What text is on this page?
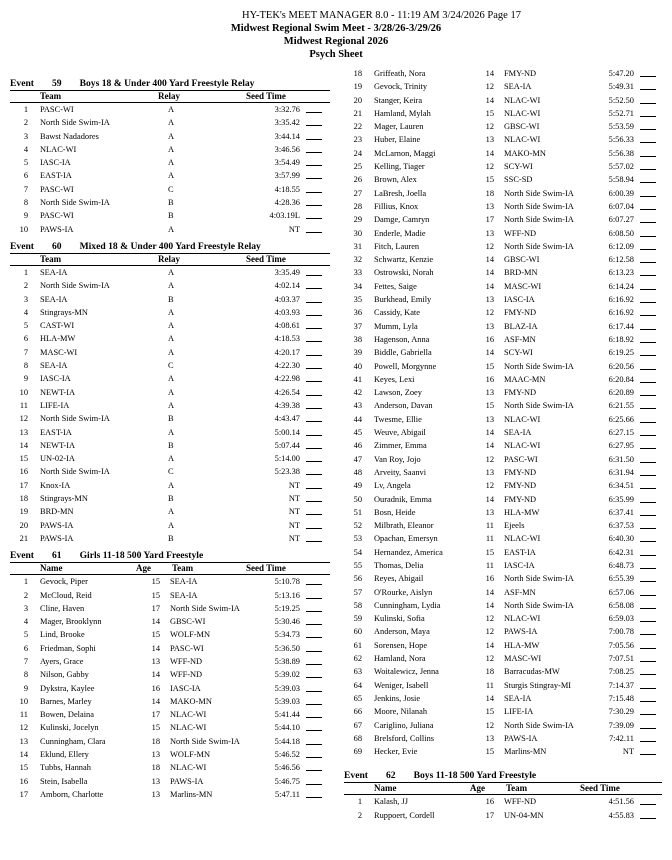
HY-TEK's MEET MANAGER 8.0 - 11:19 AM 3/24/2026 Page 17
Midwest Regional Swim Meet - 3/28/26-3/29/26
Midwest Regional 2026
Psych Sheet
Event 59 Boys 18 & Under 400 Yard Freestyle Relay
Team	Relay	Seed Time
1 PASC-WI	A	3:32.76
2 North Side Swim-IA	A	3:35.42
3 Bawst Nadadores	A	3:44.14
4 NLAC-WI	A	3:46.56
5 IASC-IA	A	3:54.49
6 EAST-IA	A	3:57.99
7 PASC-WI	C	4:18.55
8 North Side Swim-IA	B	4:28.36
9 PASC-WI	B	4:03.19L
10 PAWS-IA	A	NT
Event 60 Mixed 18 & Under 400 Yard Freestyle Relay
Team	Relay	Seed Time
1 SEA-IA	A	3:35.49
2 North Side Swim-IA	A	4:02.14
3 SEA-IA	B	4:03.37
4 Stingrays-MN	A	4:03.93
5 CAST-WI	A	4:08.61
6 HLA-MW	A	4:18.53
7 MASC-WI	A	4:20.17
8 SEA-IA	C	4:22.30
9 IASC-IA	A	4:22.98
10 NEWT-IA	A	4:26.54
11 LIFE-IA	A	4:39.38
12 North Side Swim-IA	B	4:43.47
13 EAST-IA	A	5:00.14
14 NEWT-IA	B	5:07.44
15 UN-02-IA	A	5:14.00
16 North Side Swim-IA	C	5:23.38
17 Knox-IA	A	NT
18 Stingrays-MN	B	NT
19 BRD-MN	A	NT
20 PAWS-IA	A	NT
21 PAWS-IA	B	NT
Event 61 Girls 11-18 500 Yard Freestyle
Name	Age Team	Seed Time
1 Gevock, Piper	15 SEA-IA	5:10.78
2 McCloud, Reid	15 SEA-IA	5:13.16
3 Cline, Haven	17 North Side Swim-IA	5:19.25
4 Mager, Brooklynn	14 GBSC-WI	5:30.46
5 Lind, Brooke	15 WOLF-MN	5:34.73
6 Friedman, Sophi	14 PASC-WI	5:36.50
7 Ayers, Grace	13 WFF-ND	5:38.89
8 Nilson, Gabby	14 WFF-ND	5:39.02
9 Dykstra, Kaylee	16 IASC-IA	5:39.03
10 Barnes, Marley	14 MAKO-MN	5:39.03
11 Bowen, Delaina	17 NLAC-WI	5:41.44
12 Kulinski, Jocelyn	15 NLAC-WI	5:44.10
13 Cunningham, Clara	18 North Side Swim-IA	5:44.18
14 Eklund, Ellery	13 WOLF-MN	5:46.52
15 Tubbs, Hannah	18 NLAC-WI	5:46.56
16 Stein, Isabella	13 PAWS-IA	5:46.75
17 Amborn, Charlotte	13 Marlins-MN	5:47.11
18 Griffeath, Nora	14 FMY-ND	5:47.20
19 Gevock, Trinity	12 SEA-IA	5:49.31
20 Stanger, Keira	14 NLAC-WI	5:52.50
21 Hamland, Mylah	15 NLAC-WI	5:52.71
22 Mager, Lauren	12 GBSC-WI	5:53.59
23 Huber, Elaine	13 NLAC-WI	5:56.33
24 McLarnon, Maggi	14 MAKO-MN	5:56.38
25 Kelling, Tiager	12 SCY-WI	5:57.02
26 Brown, Alex	15 SSC-SD	5:58.94
27 LaBresh, Joella	18 North Side Swim-IA	6:00.39
28 Fillius, Knox	13 North Side Swim-IA	6:07.04
29 Damge, Camryn	17 North Side Swim-IA	6:07.27
30 Enderle, Madie	13 WFF-ND	6:08.50
31 Fitch, Lauren	12 North Side Swim-IA	6:12.09
32 Schwartz, Kenzie	14 GBSC-WI	6:12.58
33 Ostrowski, Norah	14 BRD-MN	6:13.23
34 Fettes, Saige	14 MASC-WI	6:14.24
35 Burkhead, Emily	13 IASC-IA	6:16.92
36 Cassidy, Kate	12 FMY-ND	6:16.92
37 Mumm, Lyla	13 BLAZ-IA	6:17.44
38 Hagenson, Anna	16 ASF-MN	6:18.92
39 Biddle, Gabriella	14 SCY-WI	6:19.25
40 Powell, Morgynne	15 North Side Swim-IA	6:20.56
41 Keyes, Lexi	16 MAAC-MN	6:20.84
42 Lawson, Zoey	13 FMY-ND	6:20.89
43 Anderson, Davan	15 North Side Swim-IA	6:21.55
44 Twesme, Ellie	13 NLAC-WI	6:25.66
45 Weuve, Abigail	14 SEA-IA	6:27.15
46 Zimmer, Emma	14 NLAC-WI	6:27.95
47 Van Roy, Jojo	12 PASC-WI	6:31.50
48 Arveity, Saanvi	13 FMY-ND	6:31.94
49 Lv, Angela	12 FMY-ND	6:34.51
50 Ouradnik, Emma	14 FMY-ND	6:35.99
51 Bosn, Heide	13 HLA-MW	6:37.41
52 Milbrath, Eleanor	11 Ejeels	6:37.53
53 Opachan, Emersyn	11 NLAC-WI	6:40.30
54 Hernandez, America	15 EAST-IA	6:42.31
55 Thomas, Delia	11 IASC-IA	6:48.73
56 Reyes, Abigail	16 North Side Swim-IA	6:55.39
57 O'Rourke, Aislyn	14 ASF-MN	6:57.06
58 Cunningham, Lydia	14 North Side Swim-IA	6:58.08
59 Kulinski, Sofia	12 NLAC-WI	6:59.03
60 Anderson, Maya	12 PAWS-IA	7:00.78
61 Sorensen, Hope	14 HLA-MW	7:05.56
62 Hamland, Nora	12 MASC-WI	7:07.51
63 Woitalewicz, Jenna	18 Barracudas-MW	7:08.25
64 Weniger, Isabell	11 Sturgis Stingray-MI	7:14.37
65 Jenkins, Josie	14 SEA-IA	7:15.48
66 Moore, Nilanah	15 LIFE-IA	7:30.29
67 Cariglino, Juliana	12 North Side Swim-IA	7:39.09
68 Brelsford, Collins	13 PAWS-IA	7:42.11
69 Hecker, Evie	15 Marlins-MN	NT
Event 62 Boys 11-18 500 Yard Freestyle
Name	Age Team	Seed Time
1 Kalash, JJ	16 WFF-ND	4:51.56
2 Ruppoert, Cordell	17 UN-04-MN	4:55.83
